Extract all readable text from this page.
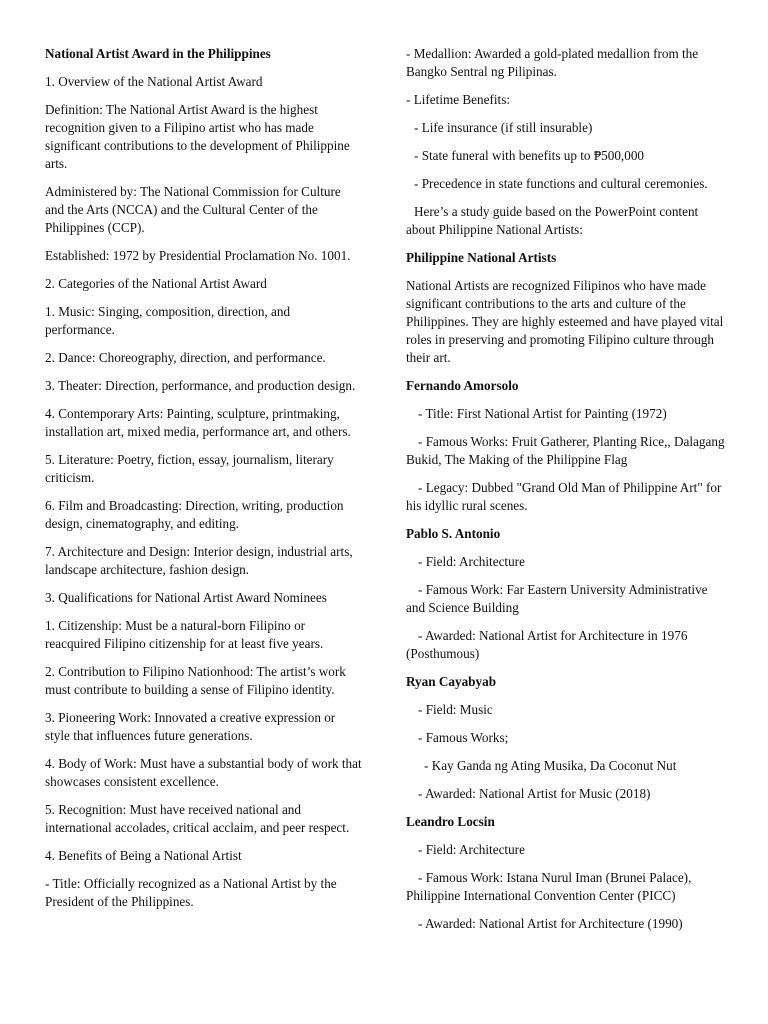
National Artist Award in the Philippines

1. Overview of the National Artist Award

Definition: The National Artist Award is the highest recognition given to a Filipino artist who has made significant contributions to the development of Philippine arts.

Administered by: The National Commission for Culture and the Arts (NCCA) and the Cultural Center of the Philippines (CCP).

Established: 1972 by Presidential Proclamation No. 1001.

2. Categories of the National Artist Award

1. Music: Singing, composition, direction, and performance.

2. Dance: Choreography, direction, and performance.

3. Theater: Direction, performance, and production design.

4. Contemporary Arts: Painting, sculpture, printmaking, installation art, mixed media, performance art, and others.

5. Literature: Poetry, fiction, essay, journalism, literary criticism.

6. Film and Broadcasting: Direction, writing, production design, cinematography, and editing.

7. Architecture and Design: Interior design, industrial arts, landscape architecture, fashion design.

3. Qualifications for National Artist Award Nominees

1. Citizenship: Must be a natural-born Filipino or reacquired Filipino citizenship for at least five years.

2. Contribution to Filipino Nationhood: The artist’s work must contribute to building a sense of Filipino identity.

3. Pioneering Work: Innovated a creative expression or style that influences future generations.

4. Body of Work: Must have a substantial body of work that showcases consistent excellence.

5. Recognition: Must have received national and international accolades, critical acclaim, and peer respect.

4. Benefits of Being a National Artist

- Title: Officially recognized as a National Artist by the President of the Philippines.

- Medallion: Awarded a gold-plated medallion from the Bangko Sentral ng Pilipinas.

- Lifetime Benefits:

- Life insurance (if still insurable)

- State funeral with benefits up to ₱500,000

- Precedence in state functions and cultural ceremonies.

Here’s a study guide based on the PowerPoint content about Philippine National Artists:

Philippine National Artists

National Artists are recognized Filipinos who have made significant contributions to the arts and culture of the Philippines. They are highly esteemed and have played vital roles in preserving and promoting Filipino culture through their art.

Fernando Amorsolo

- Title: First National Artist for Painting (1972)

- Famous Works: Fruit Gatherer, Planting Rice,, Dalagang Bukid, The Making of the Philippine Flag

- Legacy: Dubbed "Grand Old Man of Philippine Art" for his idyllic rural scenes.

Pablo S. Antonio

- Field: Architecture

- Famous Work: Far Eastern University Administrative and Science Building

- Awarded: National Artist for Architecture in 1976 (Posthumous)

Ryan Cayabyab

- Field: Music

- Famous Works;

- Kay Ganda ng Ating Musika, Da Coconut Nut

- Awarded: National Artist for Music (2018)

Leandro Locsin

- Field: Architecture

- Famous Work: Istana Nurul Iman (Brunei Palace), Philippine International Convention Center (PICC)

- Awarded: National Artist for Architecture (1990)
